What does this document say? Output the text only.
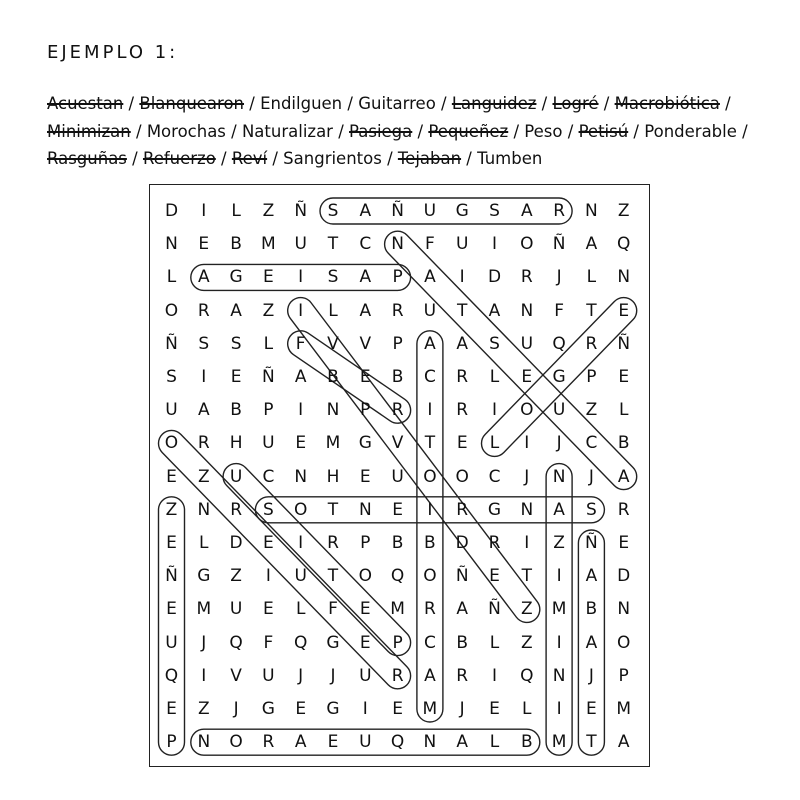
EJEMPLO 1:
Acuestan / Blanquearon / Endilguen / Guitarreo / Languidez / Logré / Macrobiótica / Minimizan / Morochas / Naturalizar / Pasiega / Pequeñez / Peso / Petisú / Ponderable / Rasguñas / Refuerzo / Reví / Sangrientos / Tejaban / Tumben
D	I	L	Z	Ñ	S	A	Ñ	U	G	S	A	R	N	Z
N	E	B	M	U	T	C	N	F	U	I	O	Ñ	A	Q
L	A	G	E	I	S	A	P	A	I	D	R	J	L	N
O	R	A	Z	I	L	A	R	U	T	A	N	F	T	E
Ñ	S	S	L	F	V	V	P	A	A	S	U	Q	R	Ñ
S	I	E	Ñ	A	B	E	B	C	R	L	E	G	P	E
U	A	B	P	I	N	P	R	I	R	I	O	U	Z	L
O	R	H	U	E	M	G	V	T	E	L	I	J	C	B
E	Z	U	C	N	H	E	U	O	O	C	J	N	J	A
Z	N	R	S	O	T	N	E	I	R	G	N	A	S	R
E	L	D	E	I	R	P	B	B	D	R	I	Z	Ñ	E
Ñ	G	Z	I	U	T	O	Q	O	Ñ	E	T	I	A	D
E	M	U	E	L	F	E	M	R	A	Ñ	Z	M	B	N
U	J	Q	F	Q	G	E	P	C	B	L	Z	I	A	O
Q	I	V	U	J	J	U	R	A	R	I	Q	N	J	P
E	Z	J	G	E	G	I	E	M	J	E	L	I	E	M
P	N	O	R	A	E	U	Q	N	A	L	B	M	T	A
